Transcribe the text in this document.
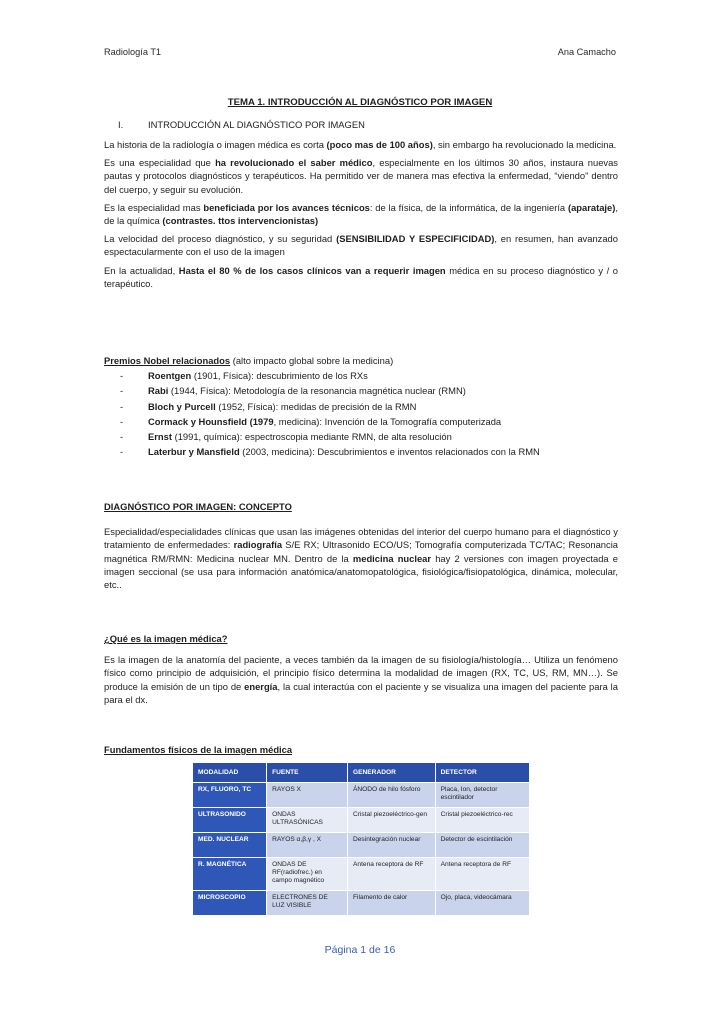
Radiología T1	Ana Camacho
TEMA 1. INTRODUCCIÓN AL DIAGNÓSTICO POR IMAGEN
I.	INTRODUCCIÓN AL DIAGNÓSTICO POR IMAGEN

La historia de la radiología o imagen médica es corta (poco mas de 100 años), sin embargo ha revolucionado la medicina.

Es una especialidad que ha revolucionado el saber médico, especialmente en los últimos 30 años, instaura nuevas pautas y protocolos diagnósticos y terapéuticos. Ha permitido ver de manera mas efectiva la enfermedad, “viendo” dentro del cuerpo, y seguir su evolución.

Es la especialidad mas beneficiada por los avances técnicos: de la física, de la informática, de la ingeniería (aparataje), de la química (contrastes. ttos intervencionistas)

La velocidad del proceso diagnóstico, y su seguridad (SENSIBILIDAD Y ESPECIFICIDAD), en resumen, han avanzado espectacularmente con el uso de la imagen

En la actualidad, Hasta el 80 % de los casos clínicos van a requerir imagen médica en su proceso diagnóstico y / o terapéutico.

Premios Nobel relacionados (alto impacto global sobre la medicina)

- Roentgen (1901, Física): descubrimiento de los RXs
- Rabi (1944, Física): Metodología de la resonancia magnética nuclear (RMN)
- Bloch y Purcell (1952, Física): medidas de precisión de la RMN
- Cormack y Hounsfield (1979, medicina): Invención de la Tomografía computerizada
- Ernst (1991, química): espectroscopia mediante RMN, de alta resolución
- Laterbur y Mansfield (2003, medicina): Descubrimientos e inventos relacionados con la RMN

DIAGNÓSTICO POR IMAGEN: CONCEPTO

Especialidad/especialidades clínicas que usan las imágenes obtenidas del interior del cuerpo humano para el diagnóstico y tratamiento de enfermedades: radiografía S/E RX; Ultrasonido ECO/US; Tomografía computerizada TC/TAC; Resonancia magnética RM/RMN: Medicina nuclear MN. Dentro de la medicina nuclear hay 2 versiones con imagen proyectada e imagen seccional (se usa para información anatómica/anatomopatológica, fisiológica/fisiopatológica, dinámica, molecular, etc..

¿Qué es la imagen médica?

Es la imagen de la anatomía del paciente, a veces también da la imagen de su fisiología/histología… Utiliza un fenómeno físico como principio de adquisición, el principio físico determina la modalidad de imagen (RX, TC, US, RM, MN…). Se produce la emisión de un tipo de energía, la cual interactúa con el paciente y se visualiza una imagen del paciente para la para el dx.

Fundamentos físicos de la imagen médica

MODALIDAD	FUENTE	GENERADOR	DETECTOR
RX, FLUORO, TC	RAYOS X	ÁNODO de hilo fósforo	Placa, Ion, detector escintilador
ULTRASONIDO	ONDAS ULTRASÓNICAS	Cristal piezoeléctrico-gen	Cristal piezoeléctrico-rec
MED. NUCLEAR	RAYOS α,β,γ , X	Desintegración nuclear	Detector de escintilación
R. MAGNÉTICA	ONDAS DE RF(radiofrec.) en campo magnético	Antena receptora de RF	Antena receptora de RF
MICROSCOPIO	ELECTRONES DE LUZ VISIBLE	Filamento de calor	Ojo, placa, videocámara
Página 1 de 16
